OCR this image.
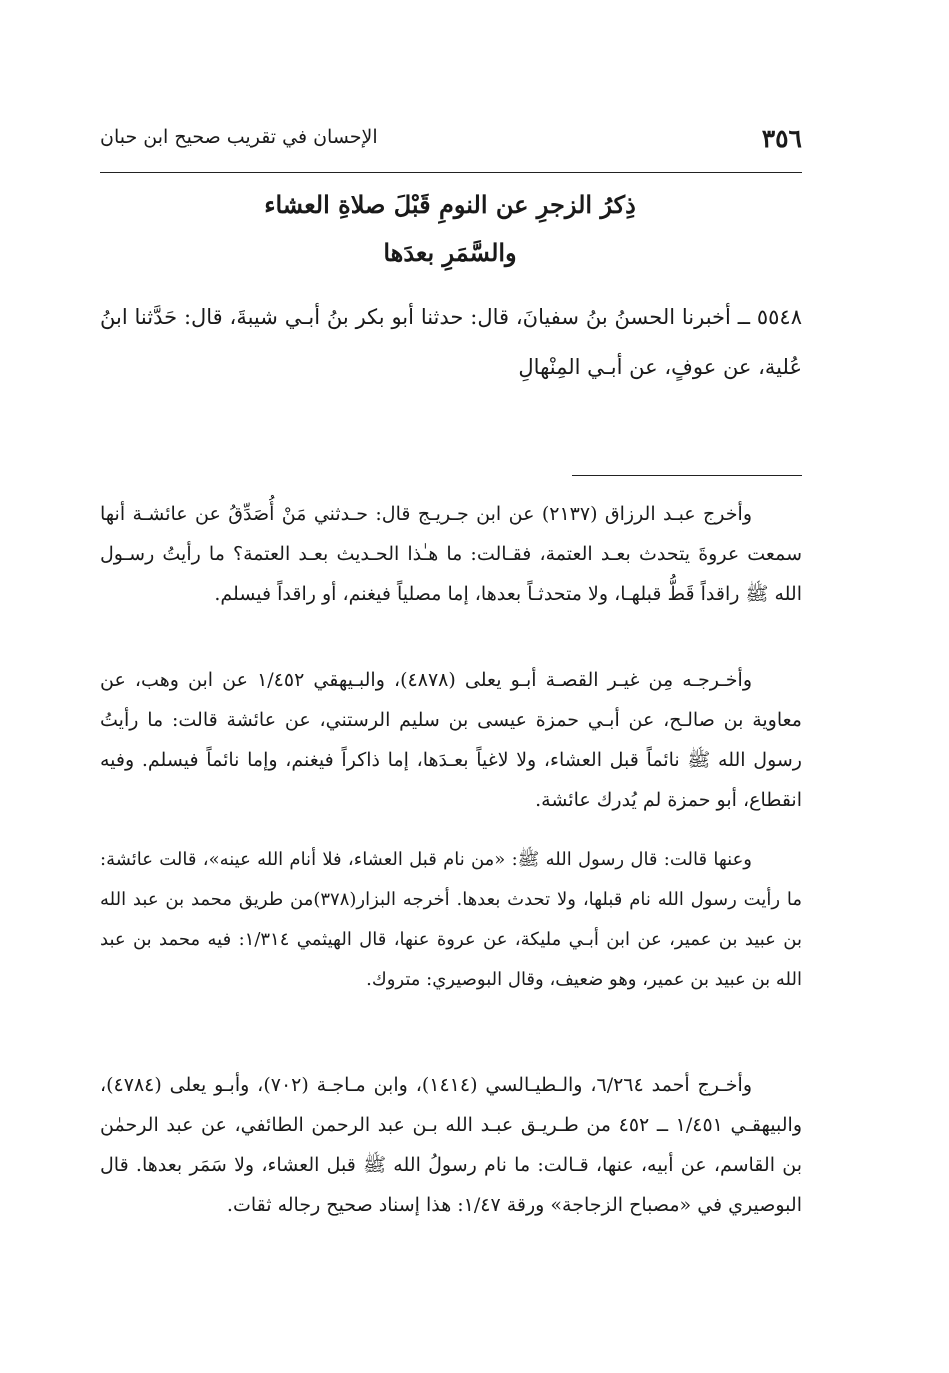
٣٥٦
الإحسان في تقريب صحيح ابن حبان
ذِكرُ الزجرِ عن النومِ قَبْلَ صلاةِ العشاء
والسَّمَرِ بعدَها
٥٥٤٨ ــ أخبرنا الحسنُ بنُ سفيانَ، قال: حدثنا أبو بكر بنُ أبـي شيبةَ، قال: حَدَّثنا ابنُ عُلية، عن عوفٍ، عن أبـي المِنْهالِ
وأخرج عبـد الرزاق (٢١٣٧) عن ابن جـريـج قال: حـدثني مَنْ أُصَدِّقُ عن عائشـة أنها سمعت عروةَ يتحدث بعـد العتمة، فقـالت: ما هـٰذا الحـديث بعـد العتمة؟ ما رأيتُ رسـول الله ﷺ راقداً قَطُّ قبلهـا، ولا متحدثـاً بعدها، إما مصلياً فيغنم، أو راقداً فيسلم.
وأخـرجـه مِن غيـر القصـة أبـو يعلى (٤٨٧٨)، والبـيهقي ١/٤٥٢ عن ابن وهب، عن معاوية بن صالـح، عن أبـي حمزة عيسى بن سليم الرستني، عن عائشة قالت: ما رأيتُ رسول الله ﷺ نائماً قبل العشاء، ولا لاغياً بعـدَها، إما ذاكراً فيغنم، وإما نائماً فيسلم. وفيه انقطاع، أبو حمزة لم يُدرك عائشة.
وعنها قالت: قال رسول الله ﷺ: «من نام قبل العشاء، فلا أنام الله عينه»، قالت عائشة: ما رأيت رسول الله نام قبلها، ولا تحدث بعدها. أخرجه البزار(٣٧٨)من طريق محمد بن عبد الله بن عبيد بن عمير، عن ابن أبـي مليكة، عن عروة عنها، قال الهيثمي ١/٣١٤: فيه محمد بن عبد الله بن عبيد بن عمير، وهو ضعيف، وقال البوصيري: متروك.
وأخـرج أحمد ٦/٢٦٤، والـطيـالسي (١٤١٤)، وابن مـاجـة (٧٠٢)، وأبـو يعلى (٤٧٨٤)، والبيهقـي ١/٤٥١ ــ ٤٥٢ من طـريـق عبـد الله بـن عبد الرحمن الطائفي، عن عبد الرحمٰن بن القاسم، عن أبيه، عنها، قـالت: ما نام رسولُ الله ﷺ قبل العشاء، ولا سَمَر بعدها. قال البوصيري في «مصباح الزجاجة» ورقة ١/٤٧: هذا إسناد صحيح رجاله ثقات.
